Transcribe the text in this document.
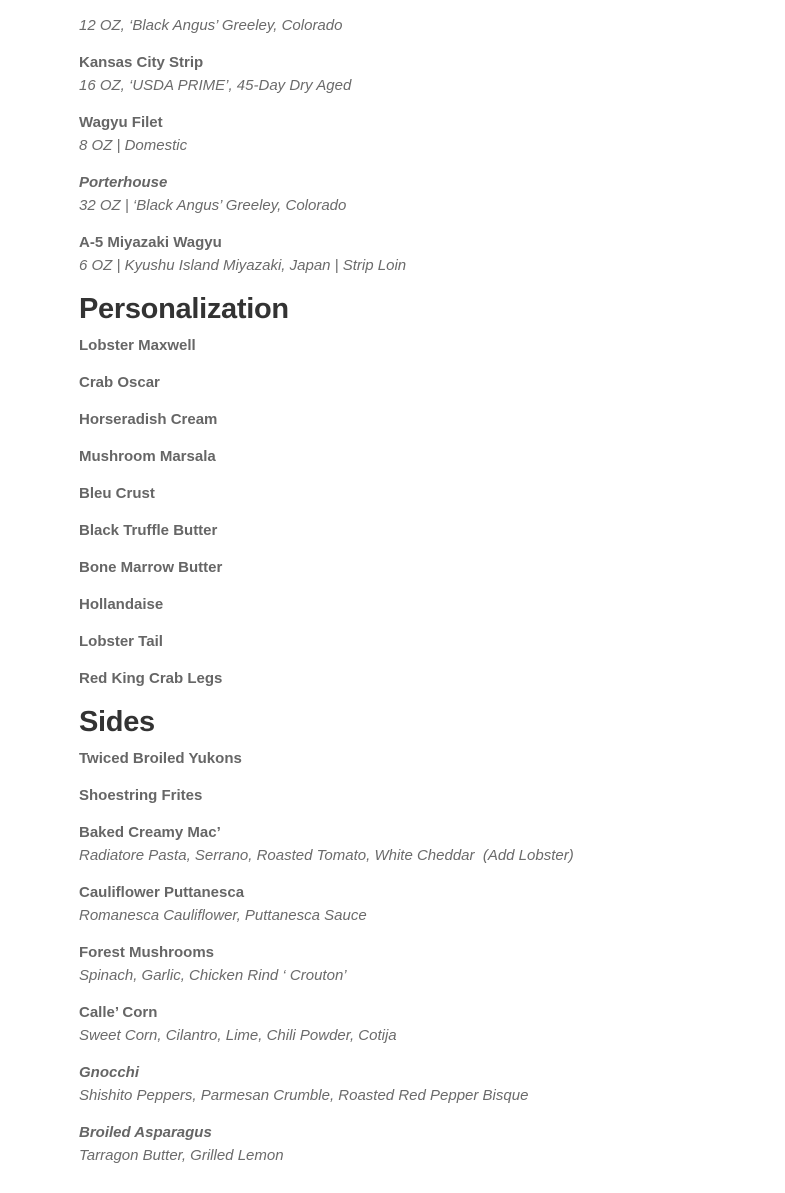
12 OZ, ‘Black Angus’ Greeley, Colorado

Kansas City Strip

16 OZ, ‘USDA PRIME’, 45-Day Dry Aged

Wagyu Filet

8 OZ | Domestic

Porterhouse

32 OZ | ‘Black Angus’ Greeley, Colorado

A-5 Miyazaki Wagyu

6 OZ | Kyushu Island Miyazaki, Japan | Strip Loin

Personalization

Lobster Maxwell

Crab Oscar

Horseradish Cream

Mushroom Marsala

Bleu Crust

Black Truffle Butter

Bone Marrow Butter

Hollandaise

Lobster Tail

Red King Crab Legs

Sides

Twiced Broiled Yukons

Shoestring Frites

Baked Creamy Mac’

Radiatore Pasta, Serrano, Roasted Tomato, White Cheddar  (Add Lobster)

Cauliflower Puttanesca

Romanesca Cauliflower, Puttanesca Sauce

Forest Mushrooms

Spinach, Garlic, Chicken Rind ‘ Crouton’

Calle’ Corn

Sweet Corn, Cilantro, Lime, Chili Powder, Cotija

Gnocchi

Shishito Peppers, Parmesan Crumble, Roasted Red Pepper Bisque

Broiled Asparagus

Tarragon Butter, Grilled Lemon
